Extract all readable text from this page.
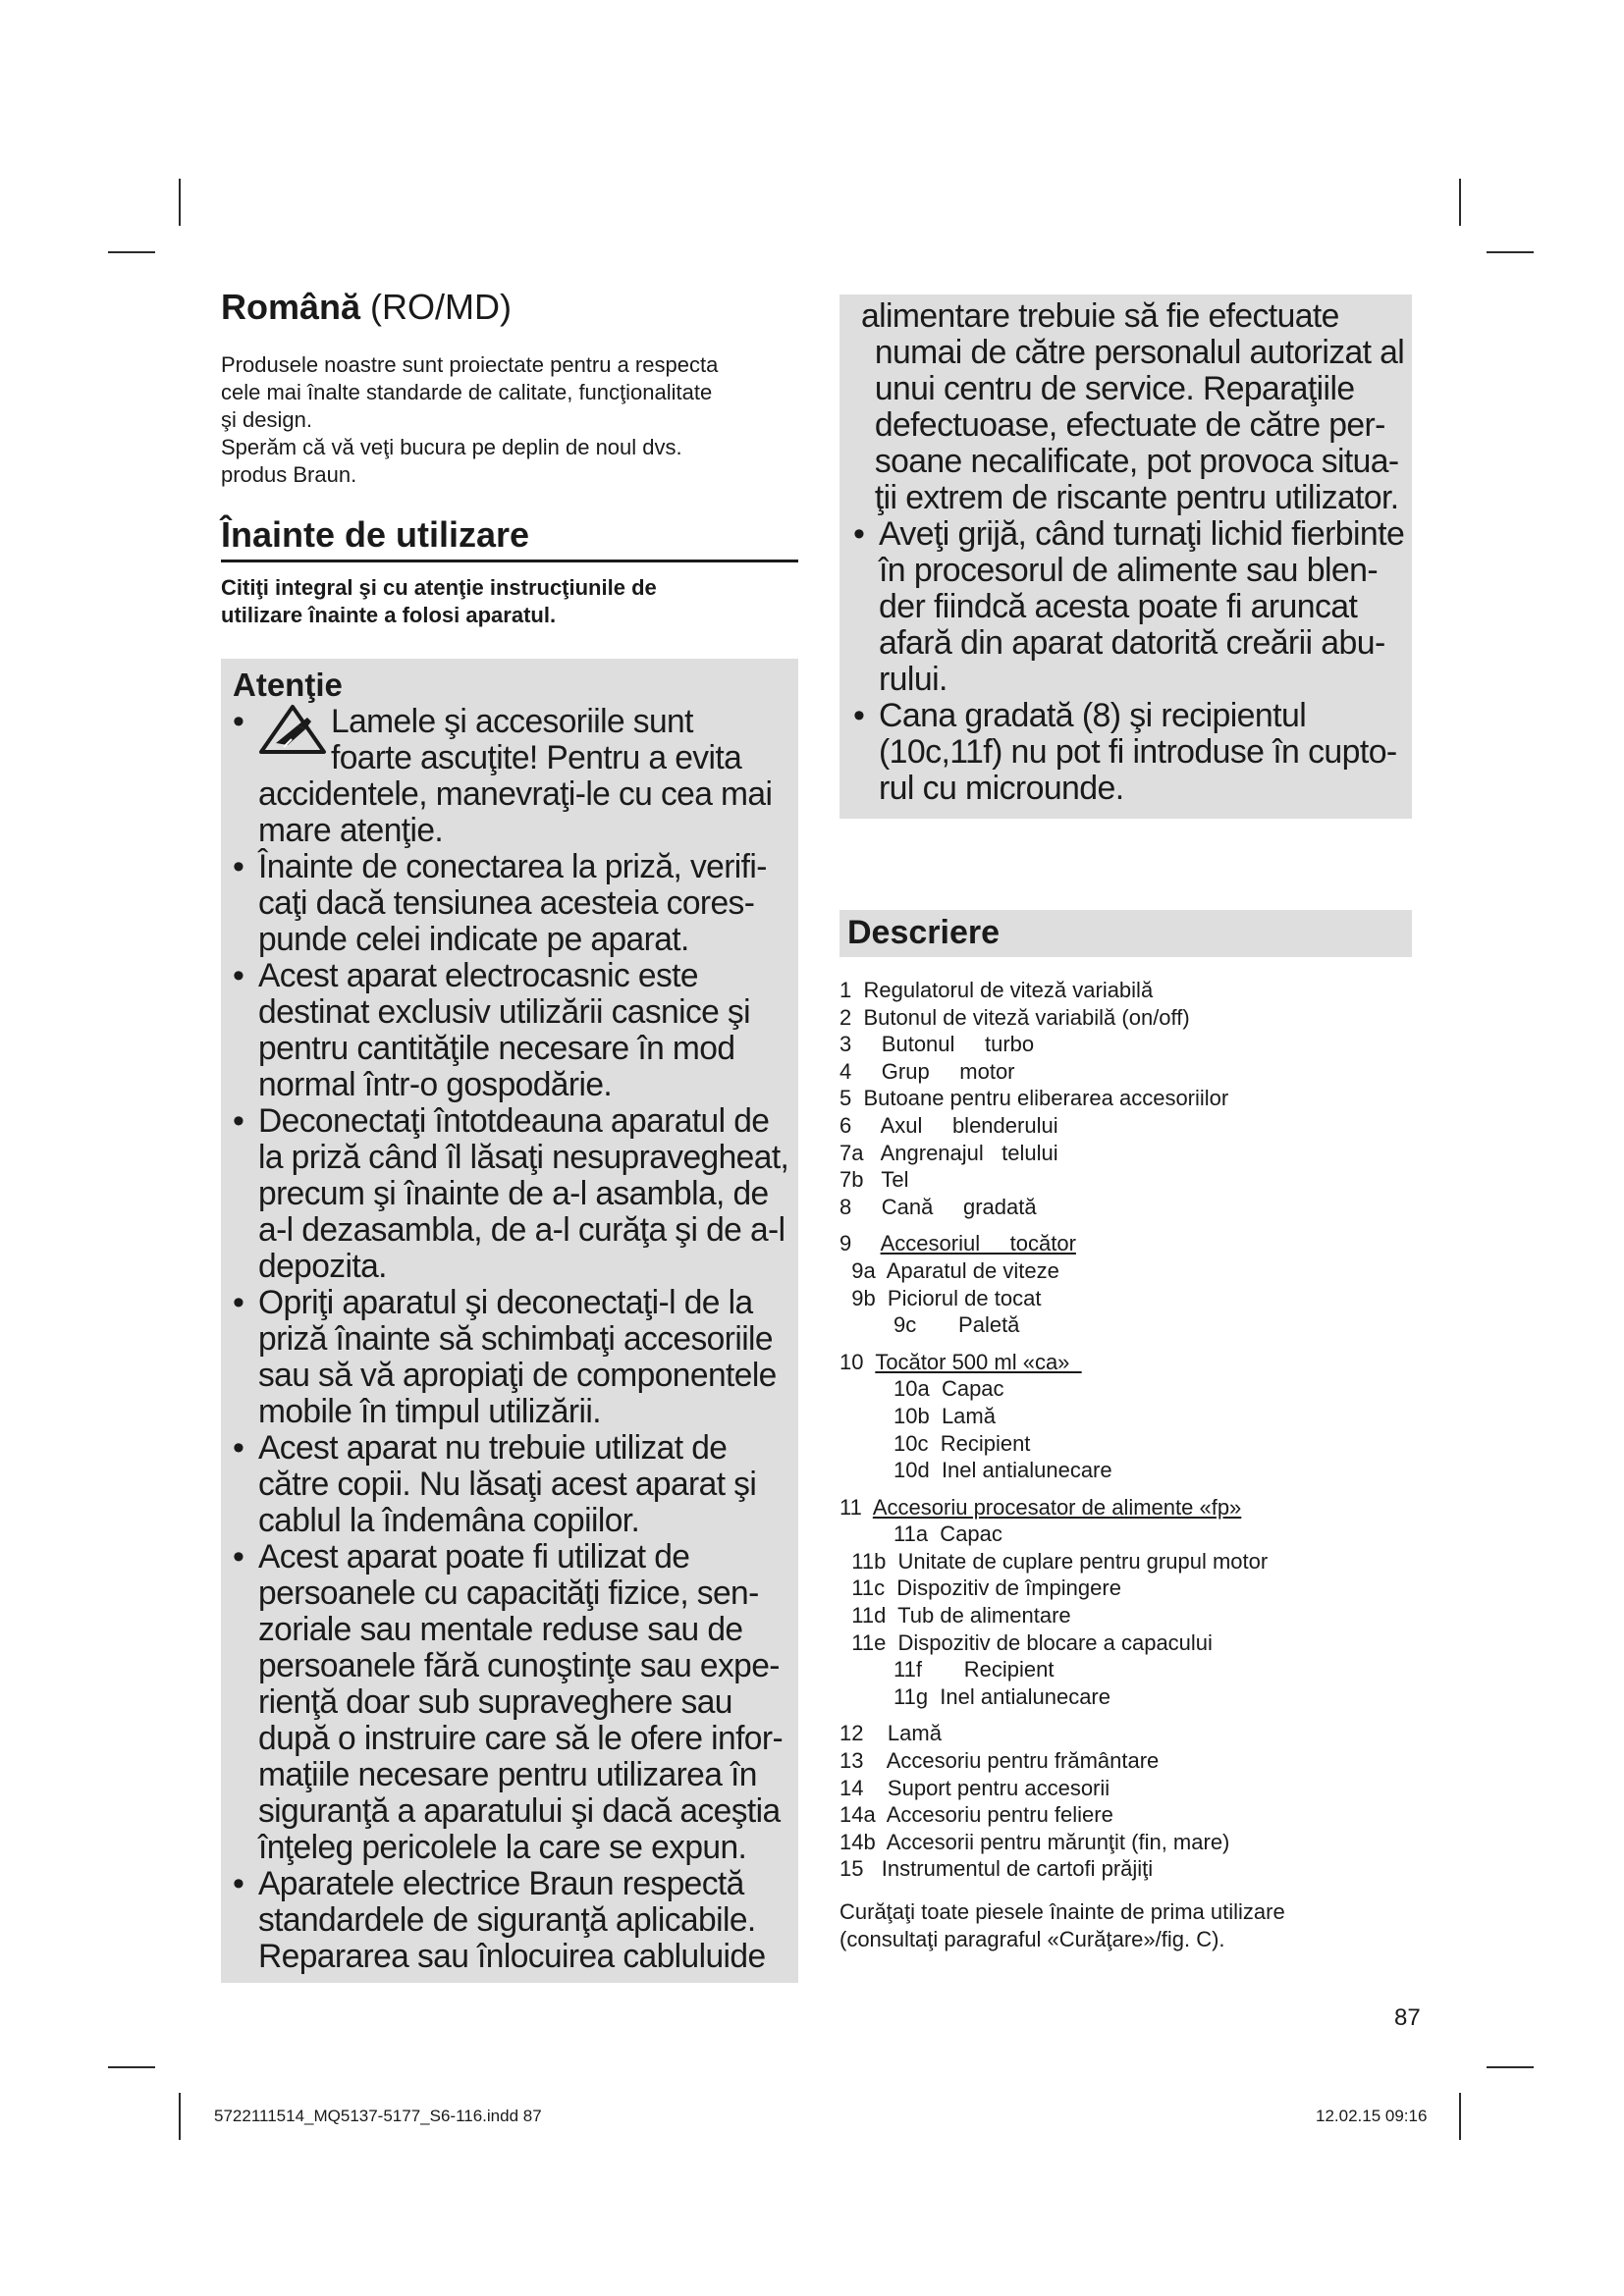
Română (RO/MD)

Produsele noastre sunt proiectate pentru a respecta
cele mai înalte standarde de calitate, funcţionalitate
şi design.
Sperăm că vă veţi bucura pe deplin de noul dvs.
produs Braun.

Înainte de utilizare

Citiţi integral şi cu atenţie instrucţiunile de
utilizare înainte a folosi aparatul.

Atenţie
• Lamele şi accesoriile sunt
foarte ascuţite! Pentru a evita
accidentele, manevraţi-le cu cea mai
mare atenţie.
• Înainte de conectarea la priză, verifi-
caţi dacă tensiunea acesteia cores-
punde celei indicate pe aparat.
• Acest aparat electrocasnic este
destinat exclusiv utilizării casnice şi
pentru cantităţile necesare în mod
normal într-o gospodărie.
• Deconectaţi întotdeauna aparatul de
la priză când îl lăsaţi nesupravegheat,
precum şi înainte de a-l asambla, de
a-l dezasambla, de a-l curăţa şi de a-l
depozita.
• Opriţi aparatul şi deconectaţi-l de la
priză înainte să schimbaţi accesoriile
sau să vă apropiaţi de componentele
mobile în timpul utilizării.
• Acest aparat nu trebuie utilizat de
către copii. Nu lăsaţi acest aparat şi
cablul la îndemâna copiilor.
• Acest aparat poate fi utilizat de
persoanele cu capacităţi fizice, sen-
zoriale sau mentale reduse sau de
persoanele fără cunoştinţe sau expe-
rienţă doar sub supraveghere sau
după o instruire care să le ofere infor-
maţiile necesare pentru utilizarea în
siguranţă a aparatului şi dacă aceştia
înţeleg pericolele la care se expun.
• Aparatele electrice Braun respectă
standardele de siguranţă aplicabile.
Repararea sau înlocuirea cabluluide

alimentare trebuie să fie efectuate
numai de către personalul autorizat al
unui centru de service. Reparaţiile
defectuoase, efectuate de către per-
soane necalificate, pot provoca situa-
ţii extrem de riscante pentru utilizator.

• Aveţi grijă, când turnaţi lichid fierbinte
în procesorul de alimente sau blen-
der fiindcă acesta poate fi aruncat
afară din aparat datorită creării abu-
rului.
• Cana gradată (8) şi recipientul
(10c,11f) nu pot fi introduse în cupto-
rul cu microunde.
Descriere
1  Regulatorul de viteză variabilă
2  Butonul de viteză variabilă (on/off)
3     Butonul     turbo
4     Grup     motor
5  Butoane pentru eliberarea accesoriilor
6     Axul     blenderului
7a   Angrenajul   telului
7b   Tel
8     Cană     gradată
9     Accesoriul     tocător
9a  Aparatul de viteze
9b  Piciorul de tocat
9c       Paletă
10  Tocător 500 ml «ca»
10a  Capac
10b  Lamă
10c  Recipient
10d  Inel antialunecare
11  Accesoriu procesator de alimente «fp»
11a  Capac
11b  Unitate de cuplare pentru grupul motor
11c  Dispozitiv de împingere
11d  Tub de alimentare
11e  Dispozitiv de blocare a capacului
11f       Recipient
11g  Inel antialunecare
12    Lamă
13    Accesoriu pentru frământare
14    Suport pentru accesorii
14a  Accesoriu pentru feliere
14b  Accesorii pentru mărunţit (fin, mare)
15   Instrumentul de cartofi prăjiţi

Curăţaţi toate piesele înainte de prima utilizare
(consultaţi paragraful «Curăţare»/fig. C).

87
5722111514_MQ5137-5177_S6-116.indd 87	12.02.15 09:16
